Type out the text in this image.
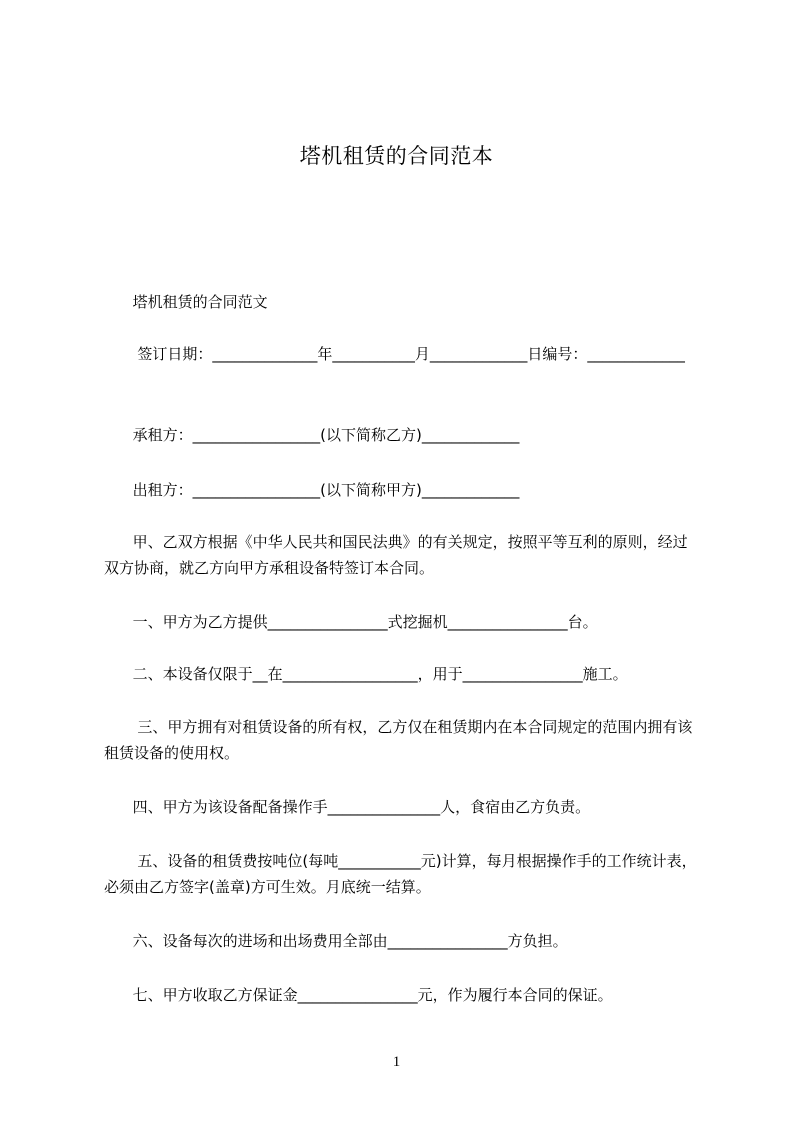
塔机租赁的合同范本
塔机租赁的合同范文
签订日期：______________年___________月_____________日编号：_____________
承租方：_________________(以下简称乙方)_____________
出租方：_________________(以下简称甲方)_____________
甲、乙双方根据《中华人民共和国民法典》的有关规定，按照平等互利的原则，经过双方协商，就乙方向甲方承租设备特签订本合同。
一、甲方为乙方提供________________式挖掘机________________台。
二、本设备仅限于__在__________________，用于________________施工。
三、甲方拥有对租赁设备的所有权，乙方仅在租赁期内在本合同规定的范围内拥有该租赁设备的使用权。
四、甲方为该设备配备操作手_______________人，食宿由乙方负责。
五、设备的租赁费按吨位(每吨___________元)计算，每月根据操作手的工作统计表，必须由乙方签字(盖章)方可生效。月底统一结算。
六、设备每次的进场和出场费用全部由________________方负担。
七、甲方收取乙方保证金________________元，作为履行本合同的保证。
1
